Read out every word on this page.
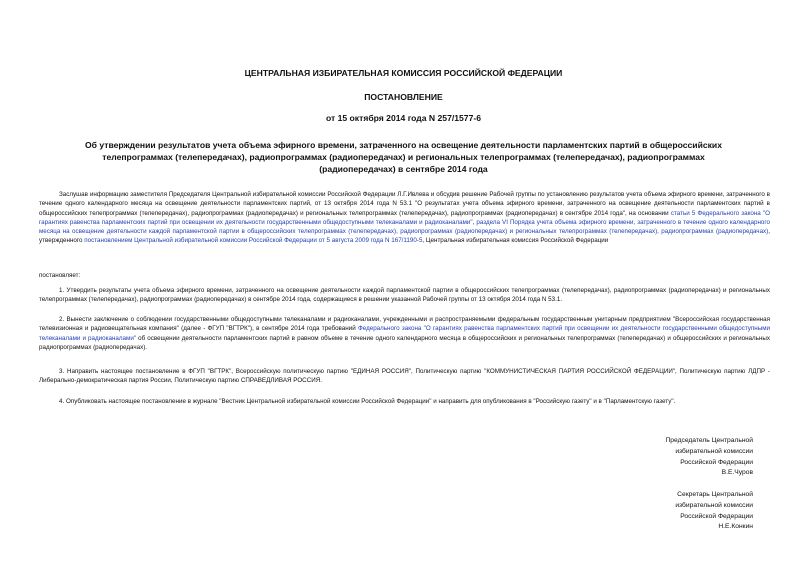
ЦЕНТРАЛЬНАЯ ИЗБИРАТЕЛЬНАЯ КОМИССИЯ РОССИЙСКОЙ ФЕДЕРАЦИИ
ПОСТАНОВЛЕНИЕ
от 15 октября 2014 года N 257/1577-6
Об утверждении результатов учета объема эфирного времени, затраченного на освещение деятельности парламентских партий в общероссийских телепрограммах (телепередачах), радиопрограммах (радиопередачах) и региональных телепрограммах (телепередачах), радиопрограммах (радиопередачах) в сентябре 2014 года
Заслушав информацию заместителя Председателя Центральной избирательной комиссии Российской Федерации Л.Г.Ивлева и обсудив решение Рабочей группы по установлению результатов учета объема эфирного времени, затраченного в течение одного календарного месяца на освещение деятельности парламентских партий, от 13 октября 2014 года N 53.1 "О результатах учета объема эфирного времени, затраченного на освещение деятельности парламентских партий в общероссийских телепрограммах (телепередачах), радиопрограммах (радиопередачах) и региональных телепрограммах (телепередачах), радиопрограммах (радиопередачах) в сентябре 2014 года", на основании статьи 5 Федерального закона "О гарантиях равенства парламентских партий при освещении их деятельности государственными общедоступными телеканалами и радиоканалами", раздела VI Порядка учета объема эфирного времени, затраченного в течение одного календарного месяца на освещение деятельности каждой парламентской партии в общероссийских телепрограммах (телепередачах), радиопрограммах (радиопередачах) и региональных телепрограммах (телепередачах), радиопрограммах (радиопередачах), утвержденного постановлением Центральной избирательной комиссии Российской Федерации от 5 августа 2009 года N 167/1190-5, Центральная избирательная комиссия Российской Федерации
постановляет:
1. Утвердить результаты учета объема эфирного времени, затраченного на освещение деятельности каждой парламентской партии в общероссийских телепрограммах (телепередачах), радиопрограммах (радиопередачах) и региональных телепрограммах (телепередачах), радиопрограммах (радиопередачах) в сентябре 2014 года, содержащиеся в решении указанной Рабочей группы от 13 октября 2014 года N 53.1.
2. Вынести заключение о соблюдении государственными общедоступными телеканалами и радиоканалами, учрежденными и распространяемыми федеральным государственным унитарным предприятием "Всероссийская государственная телевизионная и радиовещательная компания" (далее - ФГУП "ВГТРК"), в сентябре 2014 года требований Федерального закона "О гарантиях равенства парламентских партий при освещении их деятельности государственными общедоступными телеканалами и радиоканалами" об освещении деятельности парламентских партий в равном объеме в течение одного календарного месяца в общероссийских и региональных телепрограммах (телепередачах) и общероссийских и региональных радиопрограммах (радиопередачах).
3. Направить настоящее постановление в ФГУП "ВГТРК", Всероссийскую политическую партию "ЕДИНАЯ РОССИЯ", Политическую партию "КОММУНИСТИЧЕСКАЯ ПАРТИЯ РОССИЙСКОЙ ФЕДЕРАЦИИ", Политическую партию ЛДПР - Либерально-демократическая партия России, Политическую партию СПРАВЕДЛИВАЯ РОССИЯ.
4. Опубликовать настоящее постановление в журнале "Вестник Центральной избирательной комиссии Российской Федерации" и направить для опубликования в "Российскую газету" и в "Парламентскую газету".
Председатель Центральной
избирательной комиссии
Российской Федерации
В.Е.Чуров
Секретарь Центральной
избирательной комиссии
Российской Федерации
Н.Е.Конкин
